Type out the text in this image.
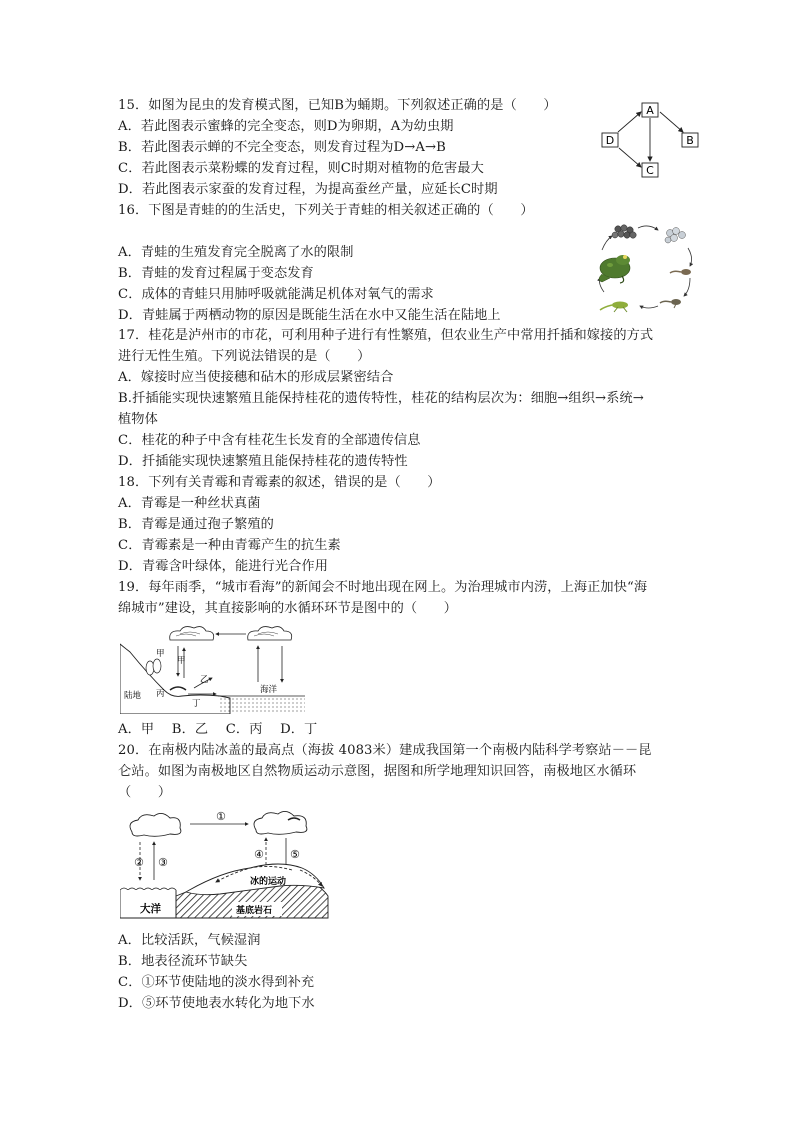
15．如图为昆虫的发育模式图，已知B为蛹期。下列叙述正确的是（　　）
A．若此图表示蜜蜂的完全变态，则D为卵期，A为幼虫期
B．若此图表示蝉的不完全变态，则发育过程为D→A→B
C．若此图表示菜粉蝶的发育过程，则C时期对植物的危害最大
D．若此图表示家蚕的发育过程，为提高蚕丝产量，应延长C时期
A
B
C
D
16．下图是青蛙的的生活史，下列关于青蛙的相关叙述正确的（　　）
A．青蛙的生殖发育完全脱离了水的限制
B．青蛙的发育过程属于变态发育
C．成体的青蛙只用肺呼吸就能满足机体对氧气的需求
D．青蛙属于两栖动物的原因是既能生活在水中又能生活在陆地上
17．桂花是泸州市的市花，可利用种子进行有性繁殖，但农业生产中常用扦插和嫁接的方式
进行无性生殖。下列说法错误的是（　　）
A．嫁接时应当使接穗和砧木的形成层紧密结合
B.扦插能实现快速繁殖且能保持桂花的遗传特性，桂花的结构层次为：细胞→组织→系统→
植物体
C．桂花的种子中含有桂花生长发育的全部遗传信息
D．扦插能实现快速繁殖且能保持桂花的遗传特性
18．下列有关青霉和青霉素的叙述，错误的是（　　）
A．青霉是一种丝状真菌
B．青霉是通过孢子繁殖的
C．青霉素是一种由青霉产生的抗生素
D．青霉含叶绿体，能进行光合作用
19．每年雨季，“城市看海”的新闻会不时地出现在网上。为治理城市内涝，上海正加快“海
绵城市”建设，其直接影响的水循环环节是图中的（　　）
甲
甲
乙
丙
丁
陆地
海洋
A．甲　 B．乙　 C．丙　 D．丁
20．在南极内陆冰盖的最高点（海拔 4083米）建成我国第一个南极内陆科学考察站－－昆
仑站。如图为南极地区自然物质运动示意图，据图和所学地理知识回答，南极地区水循环
（　　）
①
② ③
④ ⑤
大洋
冰的运动
基底岩石
A．比较活跃，气候湿润
B．地表径流环节缺失
C．①环节使陆地的淡水得到补充
D．⑤环节使地表水转化为地下水
